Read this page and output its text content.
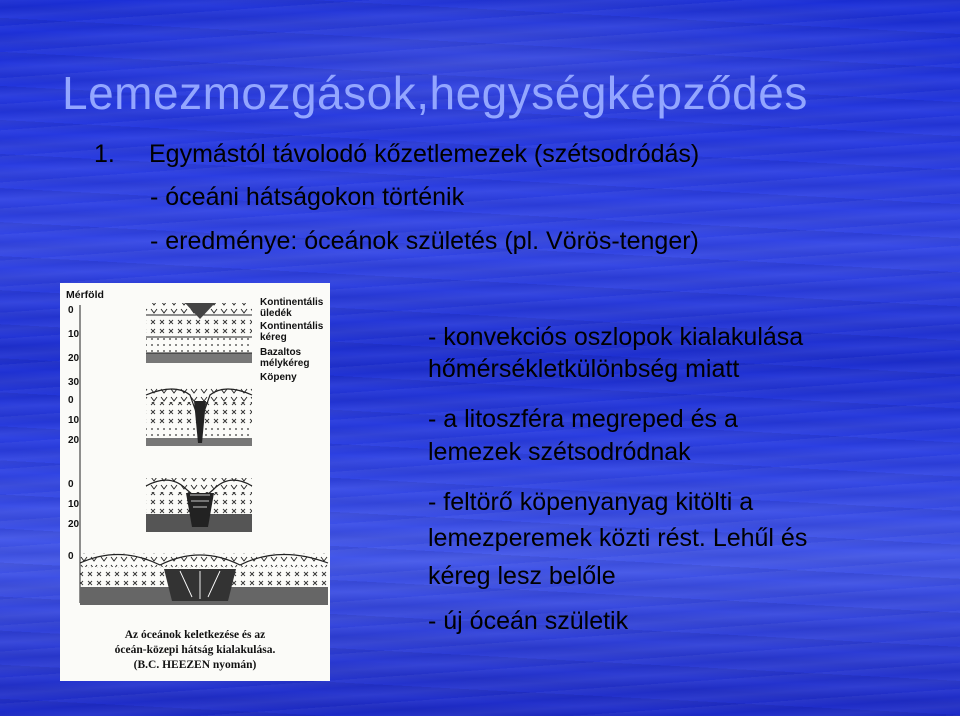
Lemezmozgások,hegységképződés
1. Egymástól távolodó kőzetlemezek (szétsodródás)
- óceáni hátságokon történik
- eredménye: óceánok születés (pl. Vörös-tenger)
Mérföld
0
10
20
30
0
10
20
0
10
20
0
Kontinentális
üledék
Kontinentális
kéreg
Bazaltos
mélykéreg
Köpeny
Az óceánok keletkezése és az
óceán-közepi hátság kialakulása.
(B.C. HEEZEN nyomán)
- konvekciós oszlopok kialakulása
hőmérsékletkülönbség miatt
- a litoszféra megreped és a
lemezek szétsodródnak
- feltörő köpenyanyag kitölti a
lemezperemek közti rést. Lehűl és
kéreg lesz belőle
- új óceán születik
